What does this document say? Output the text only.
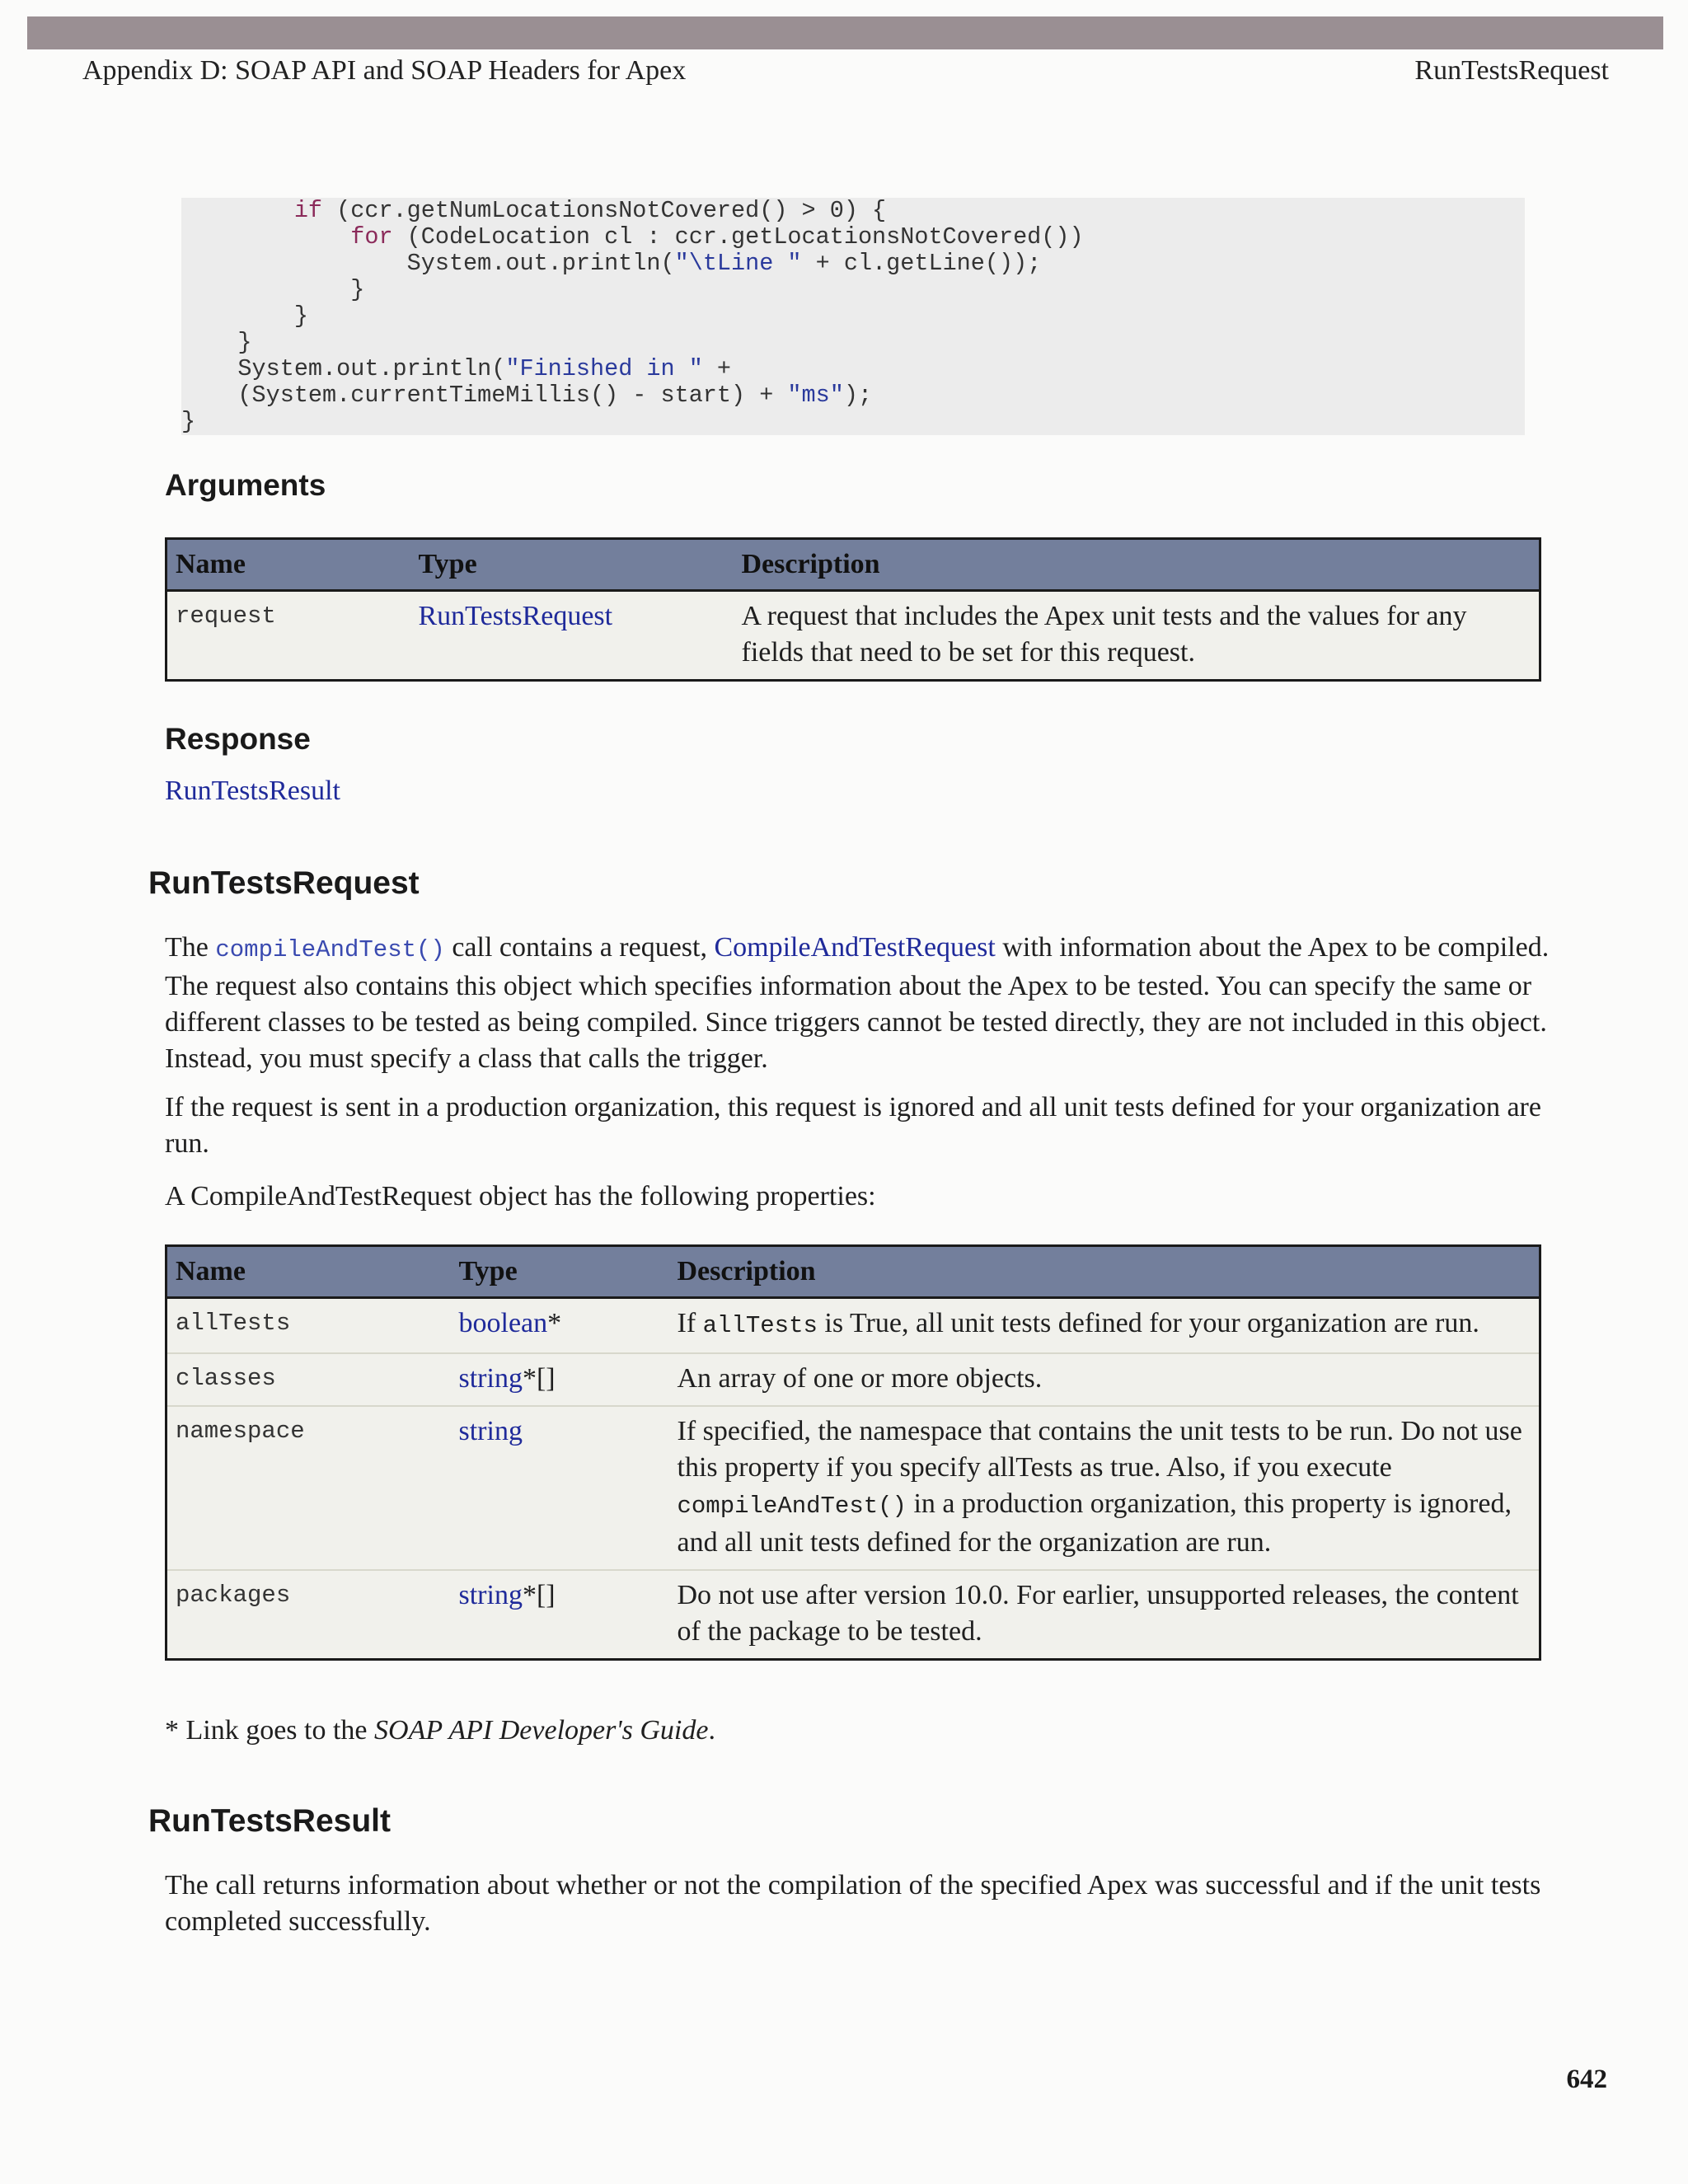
Appendix D: SOAP API and SOAP Headers for Apex	RunTestsRequest
if (ccr.getNumLocationsNotCovered() > 0) {
for (CodeLocation cl : ccr.getLocationsNotCovered())
System.out.println("\tLine " + cl.getLine());
}
}
}
System.out.println("Finished in " +
(System.currentTimeMillis() - start) + "ms");
}
Arguments
Name	Type	Description
request	RunTestsRequest	A request that includes the Apex unit tests and the values for any fields that need to be set for this request.
Response
RunTestsResult
RunTestsRequest

The compileAndTest() call contains a request, CompileAndTestRequest with information about the Apex to be compiled. The request also contains this object which specifies information about the Apex to be tested. You can specify the same or different classes to be tested as being compiled. Since triggers cannot be tested directly, they are not included in this object. Instead, you must specify a class that calls the trigger.

If the request is sent in a production organization, this request is ignored and all unit tests defined for your organization are run.

A CompileAndTestRequest object has the following properties:

Name	Type	Description
allTests	boolean*	If allTests is True, all unit tests defined for your organization are run.
classes	string*[]	An array of one or more objects.
namespace	string	If specified, the namespace that contains the unit tests to be run. Do not use this property if you specify allTests as true. Also, if you execute compileAndTest() in a production organization, this property is ignored, and all unit tests defined for the organization are run.
packages	string*[]	Do not use after version 10.0. For earlier, unsupported releases, the content of the package to be tested.

* Link goes to the SOAP API Developer's Guide.

RunTestsResult

The call returns information about whether or not the compilation of the specified Apex was successful and if the unit tests completed successfully.

642
